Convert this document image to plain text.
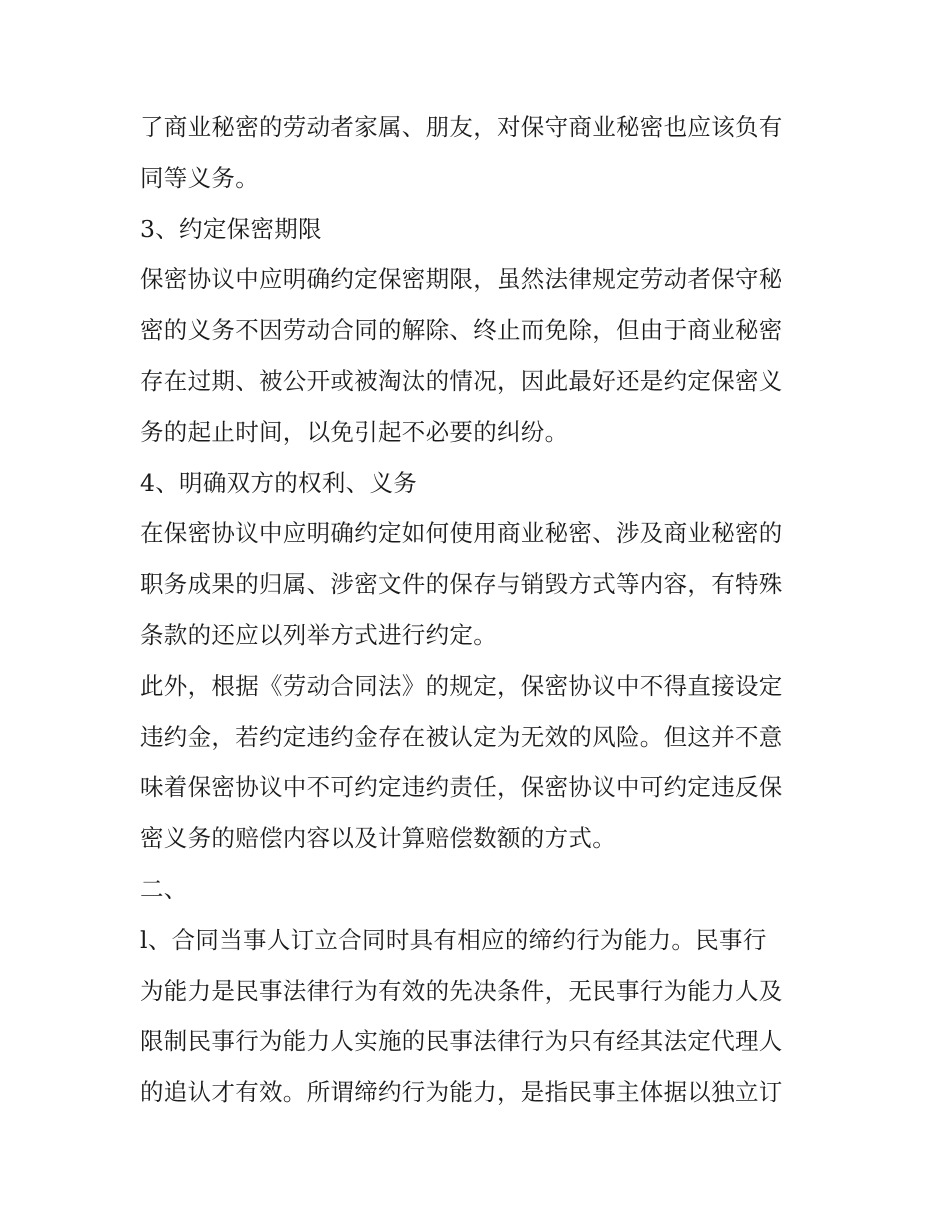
了商业秘密的劳动者家属、朋友，对保守商业秘密也应该负有
同等义务。
3、约定保密期限
保密协议中应明确约定保密期限，虽然法律规定劳动者保守秘
密的义务不因劳动合同的解除、终止而免除，但由于商业秘密
存在过期、被公开或被淘汰的情况，因此最好还是约定保密义
务的起止时间，以免引起不必要的纠纷。
4、明确双方的权利、义务
在保密协议中应明确约定如何使用商业秘密、涉及商业秘密的
职务成果的归属、涉密文件的保存与销毁方式等内容，有特殊
条款的还应以列举方式进行约定。
此外，根据《劳动合同法》的规定，保密协议中不得直接设定
违约金，若约定违约金存在被认定为无效的风险。但这并不意
味着保密协议中不可约定违约责任，保密协议中可约定违反保
密义务的赔偿内容以及计算赔偿数额的方式。
二、
l、合同当事人订立合同时具有相应的缔约行为能力。民事行
为能力是民事法律行为有效的先决条件，无民事行为能力人及
限制民事行为能力人实施的民事法律行为只有经其法定代理人
的追认才有效。所谓缔约行为能力，是指民事主体据以独立订
